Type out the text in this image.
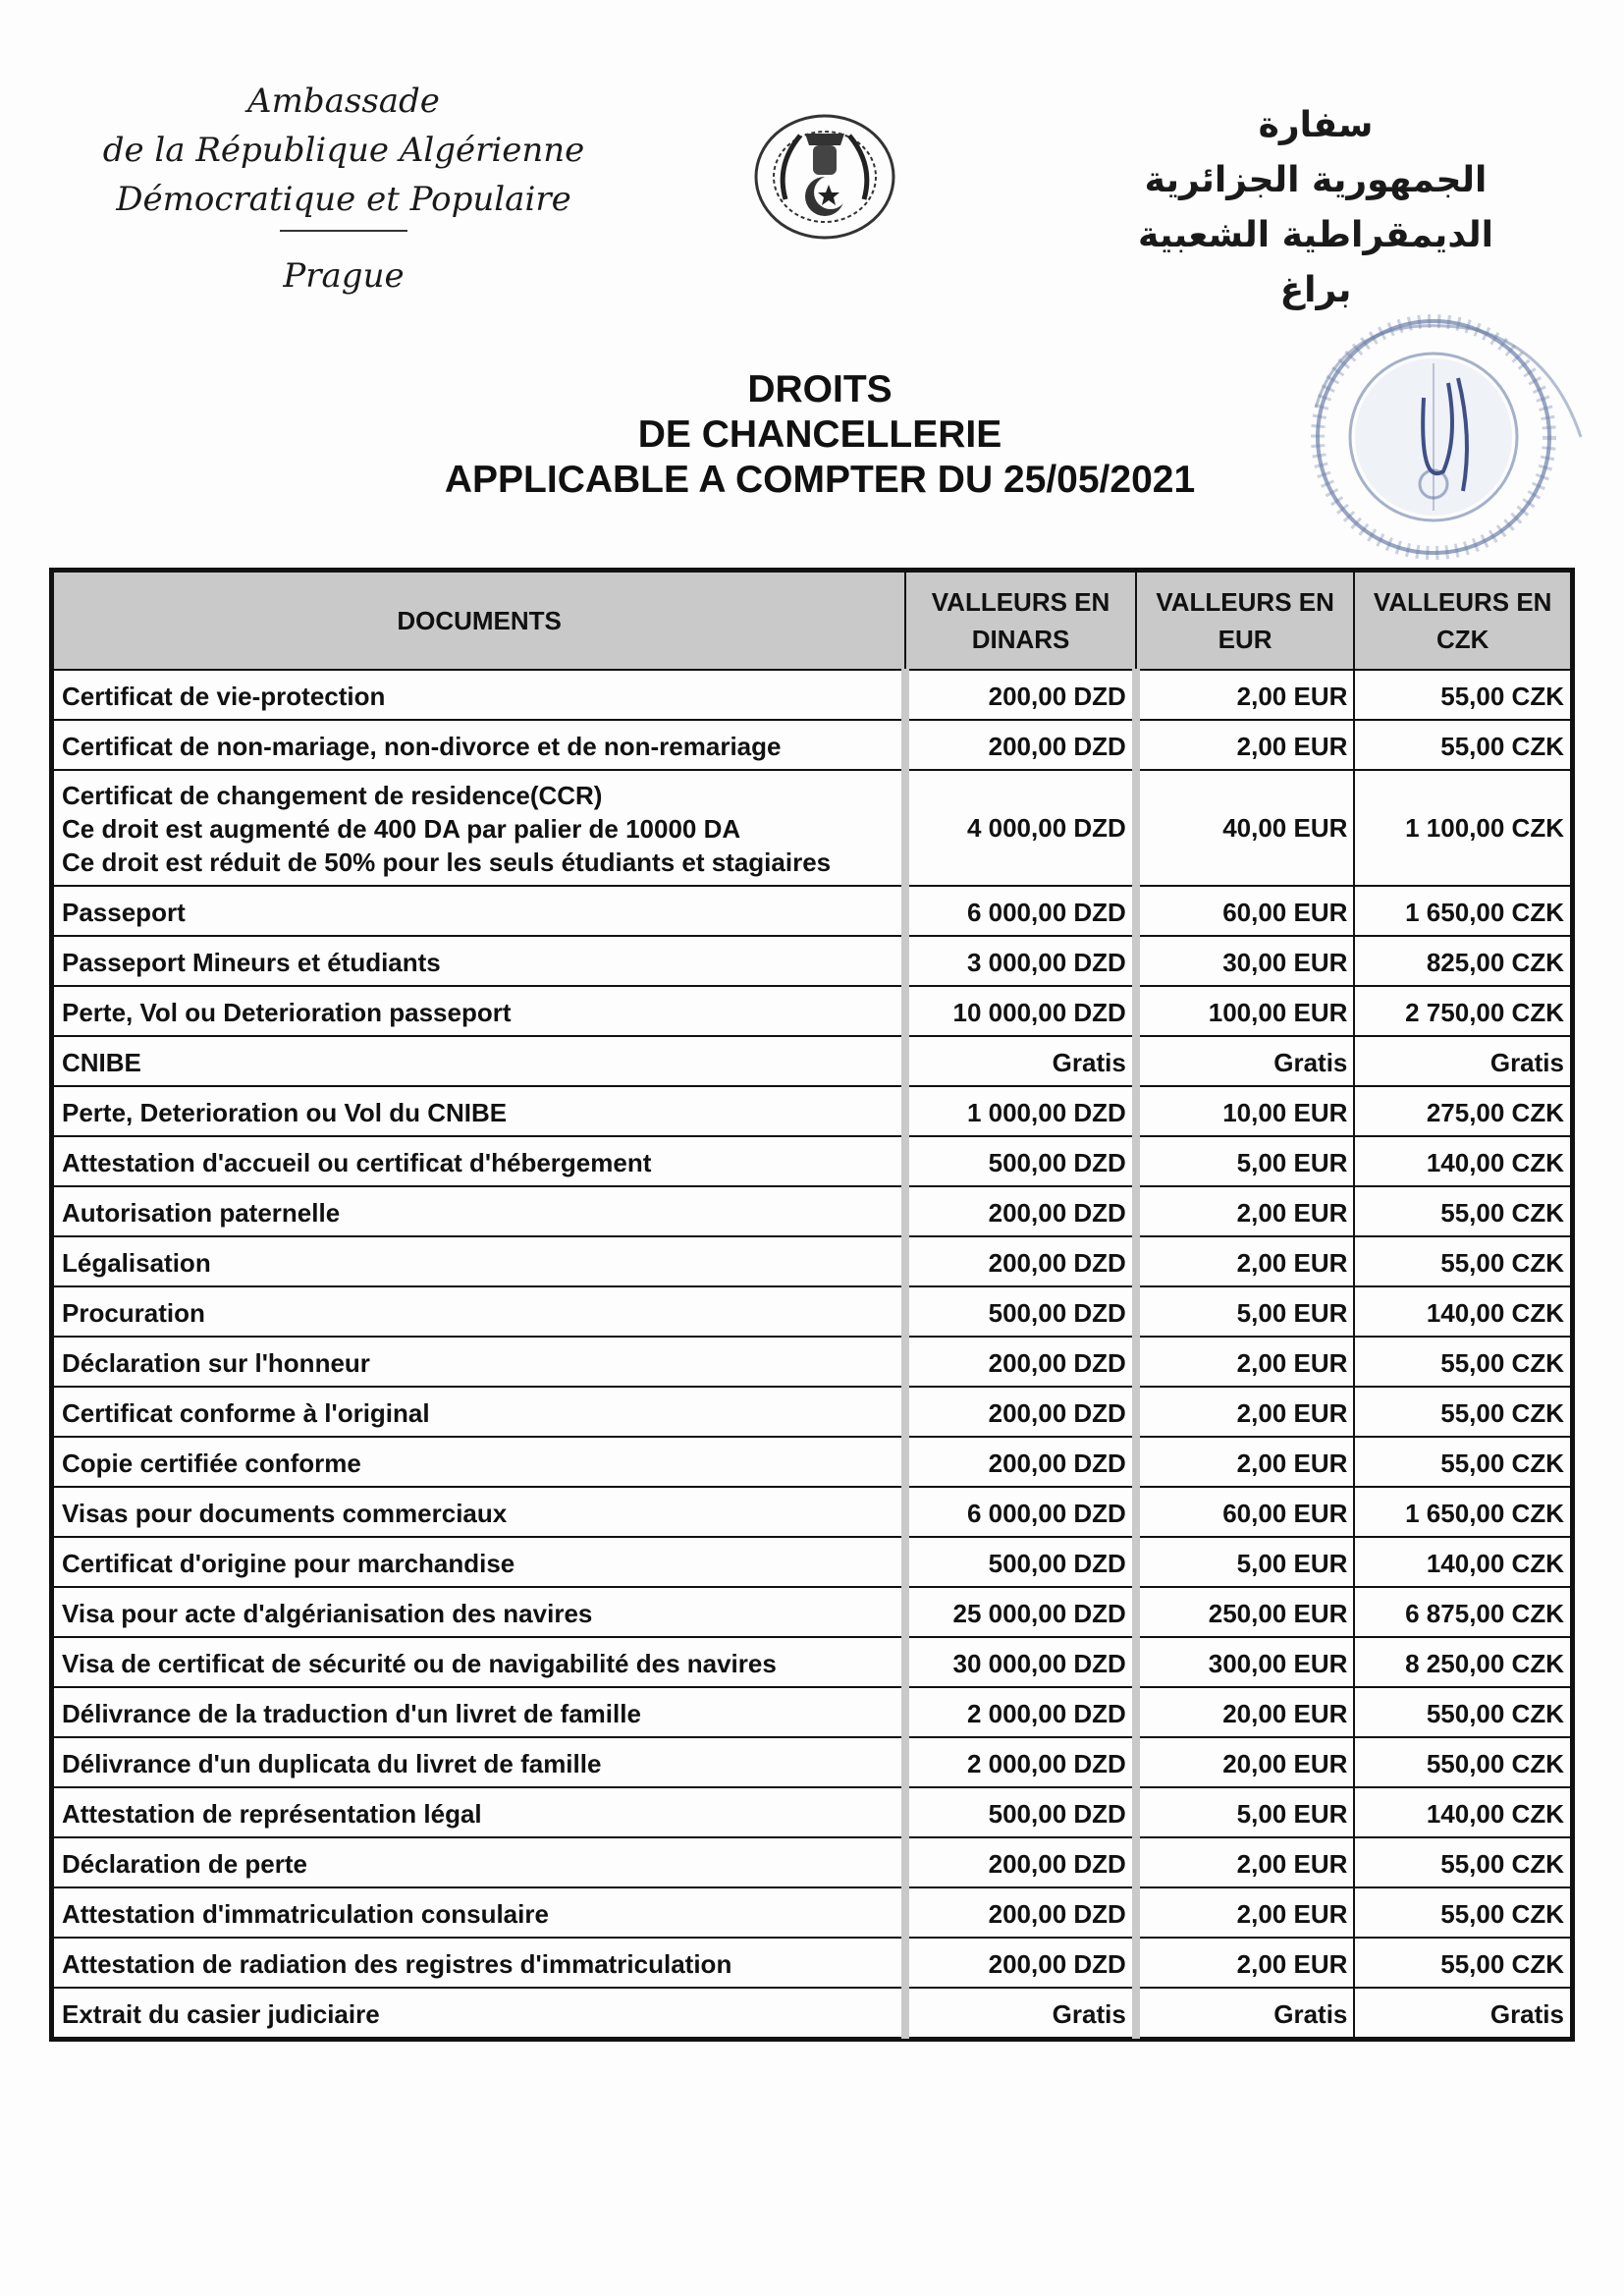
Ambassade
de la République Algérienne
Démocratique et Populaire
Prague
سفارة
الجمهورية الجزائرية الديمقراطية الشعبية
براغ
DROITS
DE CHANCELLERIE
APPLICABLE A COMPTER DU 25/05/2021
DOCUMENTS	VALLEURS EN DINARS	VALLEURS EN EUR	VALLEURS EN CZK
Certificat de vie-protection	200,00 DZD	2,00 EUR	55,00 CZK
Certificat de non-mariage, non-divorce et de non-remariage	200,00 DZD	2,00 EUR	55,00 CZK

Certificat de changement de residence(CCR)
Ce droit est augmenté de 400 DA par palier de 10000 DA
Ce droit est réduit de 50% pour les seuls étudiants et stagiaires	4 000,00 DZD	40,00 EUR	1 100,00 CZK
Passeport	6 000,00 DZD	60,00 EUR	1 650,00 CZK
Passeport Mineurs et étudiants	3 000,00 DZD	30,00 EUR	825,00 CZK
Perte, Vol ou Deterioration passeport	10 000,00 DZD	100,00 EUR	2 750,00 CZK
CNIBE	Gratis	Gratis	Gratis
Perte, Deterioration ou Vol du CNIBE	1 000,00 DZD	10,00 EUR	275,00 CZK
Attestation d'accueil ou certificat d'hébergement	500,00 DZD	5,00 EUR	140,00 CZK
Autorisation paternelle	200,00 DZD	2,00 EUR	55,00 CZK
Légalisation	200,00 DZD	2,00 EUR	55,00 CZK
Procuration	500,00 DZD	5,00 EUR	140,00 CZK
Déclaration sur l'honneur	200,00 DZD	2,00 EUR	55,00 CZK
Certificat conforme à l'original	200,00 DZD	2,00 EUR	55,00 CZK
Copie certifiée conforme	200,00 DZD	2,00 EUR	55,00 CZK
Visas pour documents commerciaux	6 000,00 DZD	60,00 EUR	1 650,00 CZK
Certificat d'origine pour marchandise	500,00 DZD	5,00 EUR	140,00 CZK
Visa pour acte d'algérianisation des navires	25 000,00 DZD	250,00 EUR	6 875,00 CZK
Visa de certificat de sécurité ou de navigabilité des navires	30 000,00 DZD	300,00 EUR	8 250,00 CZK
Délivrance de la traduction d'un livret de famille	2 000,00 DZD	20,00 EUR	550,00 CZK
Délivrance d'un duplicata du livret de famille	2 000,00 DZD	20,00 EUR	550,00 CZK
Attestation de représentation légal	500,00 DZD	5,00 EUR	140,00 CZK
Déclaration de perte	200,00 DZD	2,00 EUR	55,00 CZK
Attestation d'immatriculation consulaire	200,00 DZD	2,00 EUR	55,00 CZK
Attestation de radiation des registres d'immatriculation	200,00 DZD	2,00 EUR	55,00 CZK
Extrait du casier judiciaire	Gratis	Gratis	Gratis
